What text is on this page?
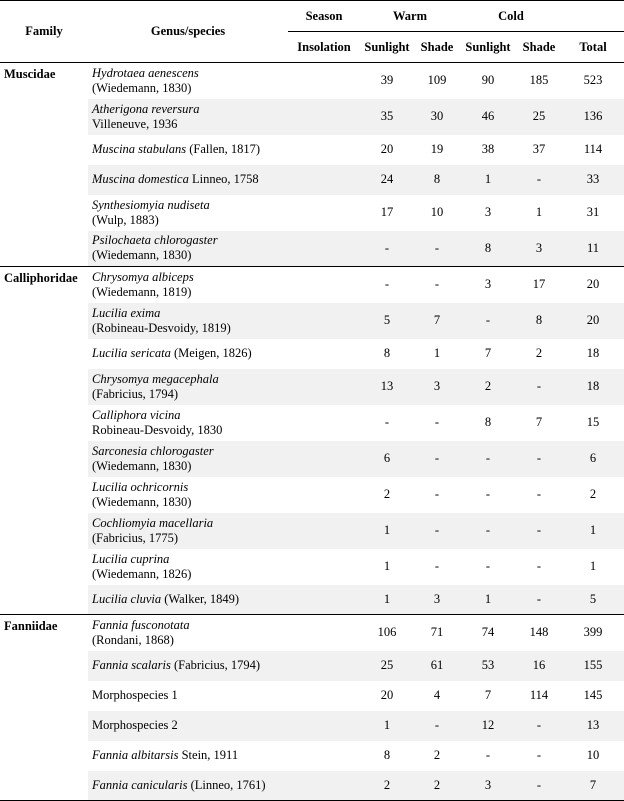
Family	Genus/species	Season	Warm		Cold		
		Insolation	Sunlight	Shade	Sunlight	Shade	Total
Muscidae	Hydrotaea aenescens
(Wiedemann, 1830)		39	109	90	185	523
	Atherigona reversura
Villeneuve, 1936		35	30	46	25	136
	Muscina stabulans (Fallen, 1817)		20	19	38	37	114
	Muscina domestica Linneo, 1758		24	8	1	-	33
	Synthesiomyia nudiseta
(Wulp, 1883)		17	10	3	1	31
	Psilochaeta chlorogaster
(Wiedemann, 1830)		-	-	8	3	11
Calliphoridae	Chrysomya albiceps
(Wiedemann, 1819)		-	-	3	17	20
	Lucilia exima
(Robineau-Desvoidy, 1819)		5	7	-	8	20
	Lucilia sericata (Meigen, 1826)		8	1	7	2	18
	Chrysomya megacephala
(Fabricius, 1794)		13	3	2	-	18
	Calliphora vicina
Robineau-Desvoidy, 1830		-	-	8	7	15
	Sarconesia chlorogaster
(Wiedemann, 1830)		6	-	-	-	6
	Lucilia ochricornis
(Wiedemann, 1830)		2	-	-	-	2
	Cochliomyia macellaria
(Fabricius, 1775)		1	-	-	-	1
	Lucilia cuprina
(Wiedemann, 1826)		1	-	-	-	1
	Lucilia cluvia (Walker, 1849)		1	3	1	-	5
Fanniidae	Fannia fusconotata
(Rondani, 1868)		106	71	74	148	399
	Fannia scalaris (Fabricius, 1794)		25	61	53	16	155
	Morphospecies 1		20	4	7	114	145
	Morphospecies 2		1	-	12	-	13
	Fannia albitarsis Stein, 1911		8	2	-	-	10
	Fannia canicularis (Linneo, 1761)		2	2	3	-	7
